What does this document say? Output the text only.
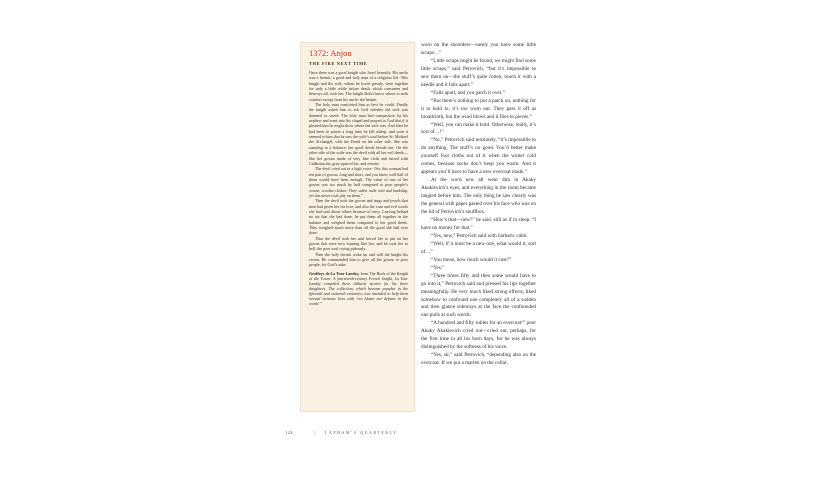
1372: Anjou
THE FIRE NEXT TIME

Once there was a good knight who lived honestly. His uncle was a hermit, a good and holy man of a religious life. This knight and his wife, whom he loved greatly, were together for only a little while before death, which consumes and destroys all, took her. The knight didn’t know where to seek comfort except from his uncle, the hermit.

The holy man comforted him as best he could. Finally the knight asked him to ask God whether the wife was damned or saved. The holy man had compassion for his nephew and went into his chapel and prayed to God that if it pleased him he might show where the wife was. And after he had been in prayer a long time he fell asleep, and soon it seemed to him that he saw the wife’s soul before St. Michael the Archangel, with the Fiend on the other side. She was standing in a balance, her good deeds beside her. On the other side of the scale was the devil with all her evil deeds—like her gowns made of very fine cloth and furred with Calabrian fur, gray squirrel fur, and ermine.

The devil cried out in a high voice. “Sir, this woman had ten pair of gowns, long and short, and you know well half of them would have been enough. The value of one of her gowns was too much by half compared to poor people’s coarse, woolen clothes. They suffer such cold and hardship, yet she never took pity on them.”

Then the devil took the gowns and rings and jewels that men had given her for love, and also the vain and evil words she had said about others because of envy. Leaving behind no sin that she had done, he put them all together in the balance and weighed them compared to her good deeds. They weighed much more than all the good she had ever done.

Thus the devil took her and forced her to put on her gowns that were now burning like fire, and he took her to hell, the poor soul crying piteously.

Then the holy hermit woke up and told the knight his vision. He commanded him to give all her gowns to poor people, for God’s sake.

Geoffroy de La Tour Landry, from The Book of the Knight of the Tower. A fourteenth-century French knight, La Tour Landry compiled these didactic stories for his three daughters. The collection, which became popular in the fifteenth and sixteenth centuries, was intended to help them toward virtuous lives with “no blame nor defame in the world.”

worn on the shoulders—surely you have some little scraps…”

“Little scraps might be found, we might find some little scraps,” said Petrovich, “but it’s impossible to sew them on—the stuff’s quite rotten, touch it with a needle and it falls apart.”

“Falls apart, and you patch it over.”

“But there’s nothing to put a patch on, nothing for it to hold to, it’s too worn out. They pass it off as broadcloth, but the wind blows and it flies to pieces.”

“Well, you can make it hold. Otherwise, really, it’s sort of…!”

“No,” Petrovich said resolutely, “it’s impossible to do anything. The stuff’s no good. You’d better make yourself foot cloths out of it when the winter cold comes, because socks don’t keep you warm. And it appears you’ll have to have a new overcoat made.”

At the word new all went dim in Akaky Akakievich’s eyes, and everything in the room became tangled before him. The only thing he saw clearly was the general with paper pasted over his face who was on the lid of Petrovich’s snuffbox.

“How’s that—new?” he said, still as if in sleep. “I have no money for that.”

“Yes, new,” Petrovich said with barbaric calm.

“Well, if it must be a new one, what would it, sort of…”

“You mean, how much would it cost?”

“Yes.”

“Three times fifty and then some would have to go into it,” Petrovich said and pressed his lips together meaningfully. He very much liked strong effects, liked somehow to confound one completely all of a sudden and then glance sideways at the face the confounded one pulls at such words.

“A hundred and fifty rubles for an overcoat!” poor Akaky Akakievich cried out—cried out, perhaps, for the first time in all his born days, for he was always distinguished by the softness of his voice.

“Yes, sir,” said Petrovich, “depending also on the overcoat. If we put a marten on the collar,

124	|	LAPHAM’S QUARTERLY
